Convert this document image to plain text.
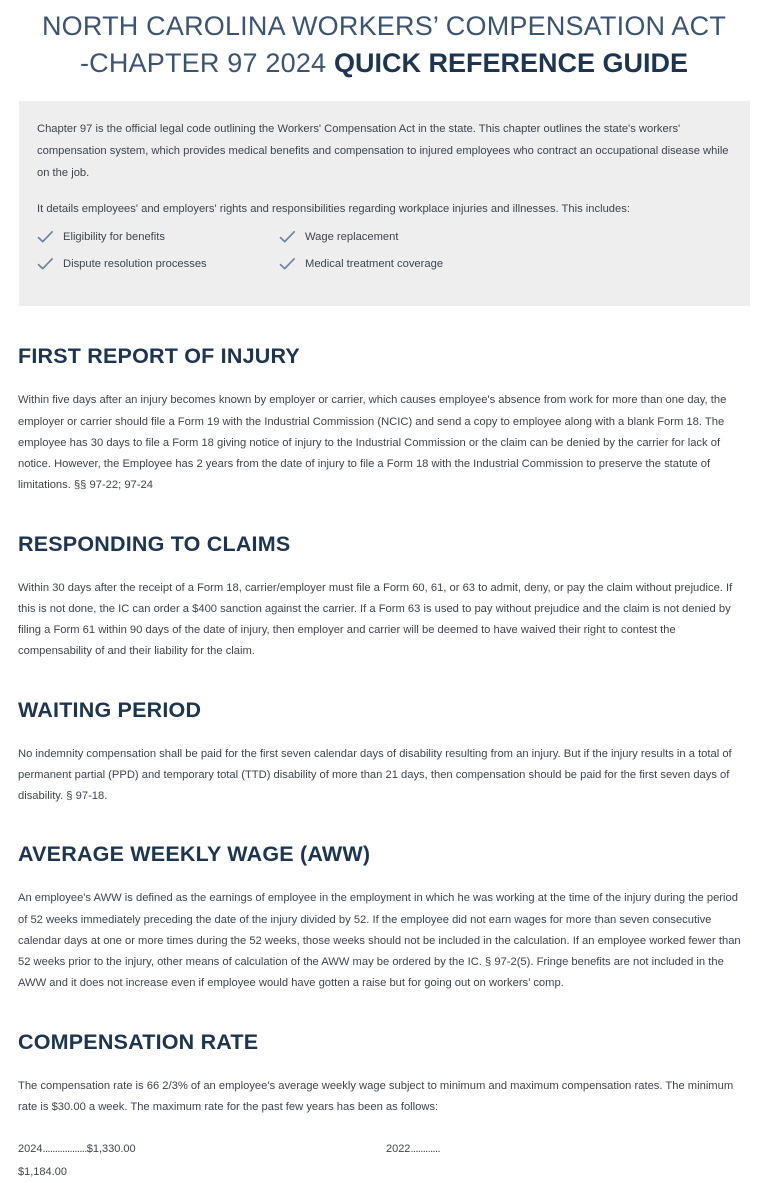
NORTH CAROLINA WORKERS’ COMPENSATION ACT
-CHAPTER 97 2024 QUICK REFERENCE GUIDE

Chapter 97 is the official legal code outlining the Workers' Compensation Act in the state. This chapter outlines the state's workers' compensation system, which provides medical benefits and compensation to injured employees who contract an occupational disease while on the job.

It details employees' and employers' rights and responsibilities regarding workplace injuries and illnesses. This includes:

Eligibility for benefits	Wage replacement
Dispute resolution processes	Medical treatment coverage
FIRST REPORT OF INJURY

Within five days after an injury becomes known by employer or carrier, which causes employee's absence from work for more than one day, the employer or carrier should file a Form 19 with the Industrial Commission (NCIC) and send a copy to employee along with a blank Form 18. The employee has 30 days to file a Form 18 giving notice of injury to the Industrial Commission or the claim can be denied by the carrier for lack of notice. However, the Employee has 2 years from the date of injury to file a Form 18 with the Industrial Commission to preserve the statute of limitations. §§ 97-22; 97-24

RESPONDING TO CLAIMS

Within 30 days after the receipt of a Form 18, carrier/employer must file a Form 60, 61, or 63 to admit, deny, or pay the claim without prejudice. If this is not done, the IC can order a $400 sanction against the carrier. If a Form 63 is used to pay without prejudice and the claim is not denied by filing a Form 61 within 90 days of the date of injury, then employer and carrier will be deemed to have waived their right to contest the compensability of and their liability for the claim.

WAITING PERIOD

No indemnity compensation shall be paid for the first seven calendar days of disability resulting from an injury. But if the injury results in a total of permanent partial (PPD) and temporary total (TTD) disability of more than 21 days, then compensation should be paid for the first seven days of disability. § 97-18.

AVERAGE WEEKLY WAGE (AWW)

An employee's AWW is defined as the earnings of employee in the employment in which he was working at the time of the injury during the period of 52 weeks immediately preceding the date of the injury divided by 52. If the employee did not earn wages for more than seven consecutive calendar days at one or more times during the 52 weeks, those weeks should not be included in the calculation. If an employee worked fewer than 52 weeks prior to the injury, other means of calculation of the AWW may be ordered by the IC. § 97-2(5). Fringe benefits are not included in the AWW and it does not increase even if employee would have gotten a raise but for going out on workers’ comp.

COMPENSATION RATE

The compensation rate is 66 2/3% of an employee's average weekly wage subject to minimum and maximum compensation rates. The minimum rate is $30.00 a week. The maximum rate for the past few years has been as follows:

2024..................$1,330.00	2022............
$1,184.00
